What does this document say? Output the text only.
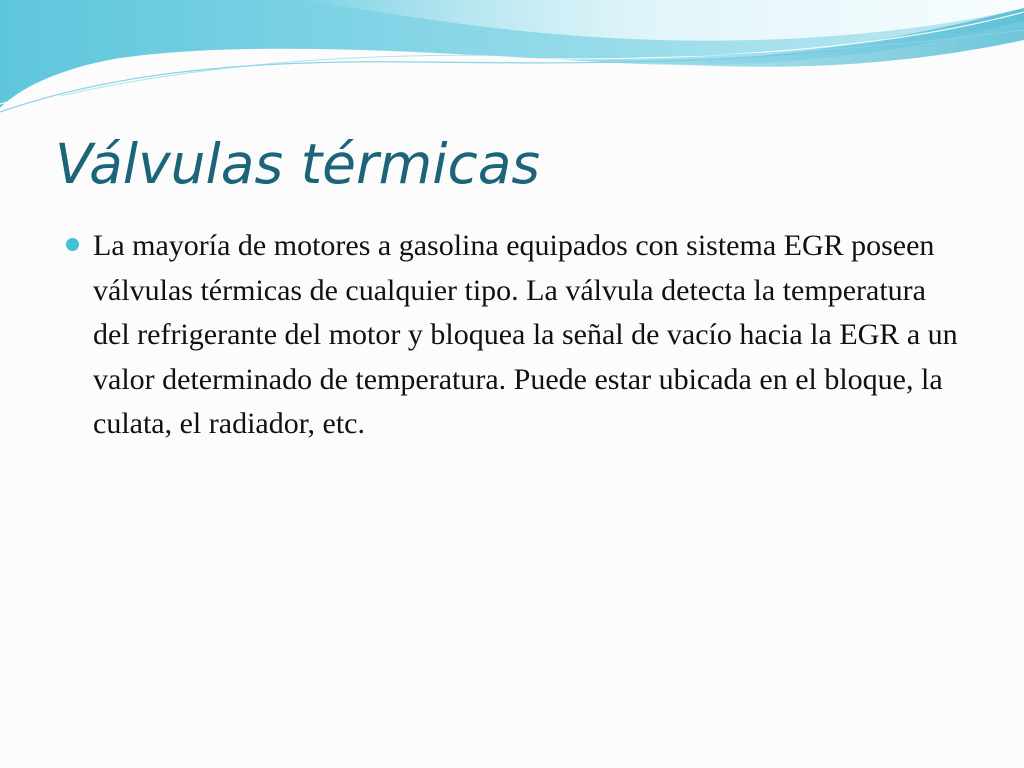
Válvulas térmicas
La mayoría de motores a gasolina equipados con sistema EGR poseen válvulas térmicas de cualquier tipo. La válvula detecta la temperatura del refrigerante del motor y bloquea la señal de vacío hacia la EGR a un valor determinado de temperatura. Puede estar ubicada en el bloque, la culata, el radiador, etc.
